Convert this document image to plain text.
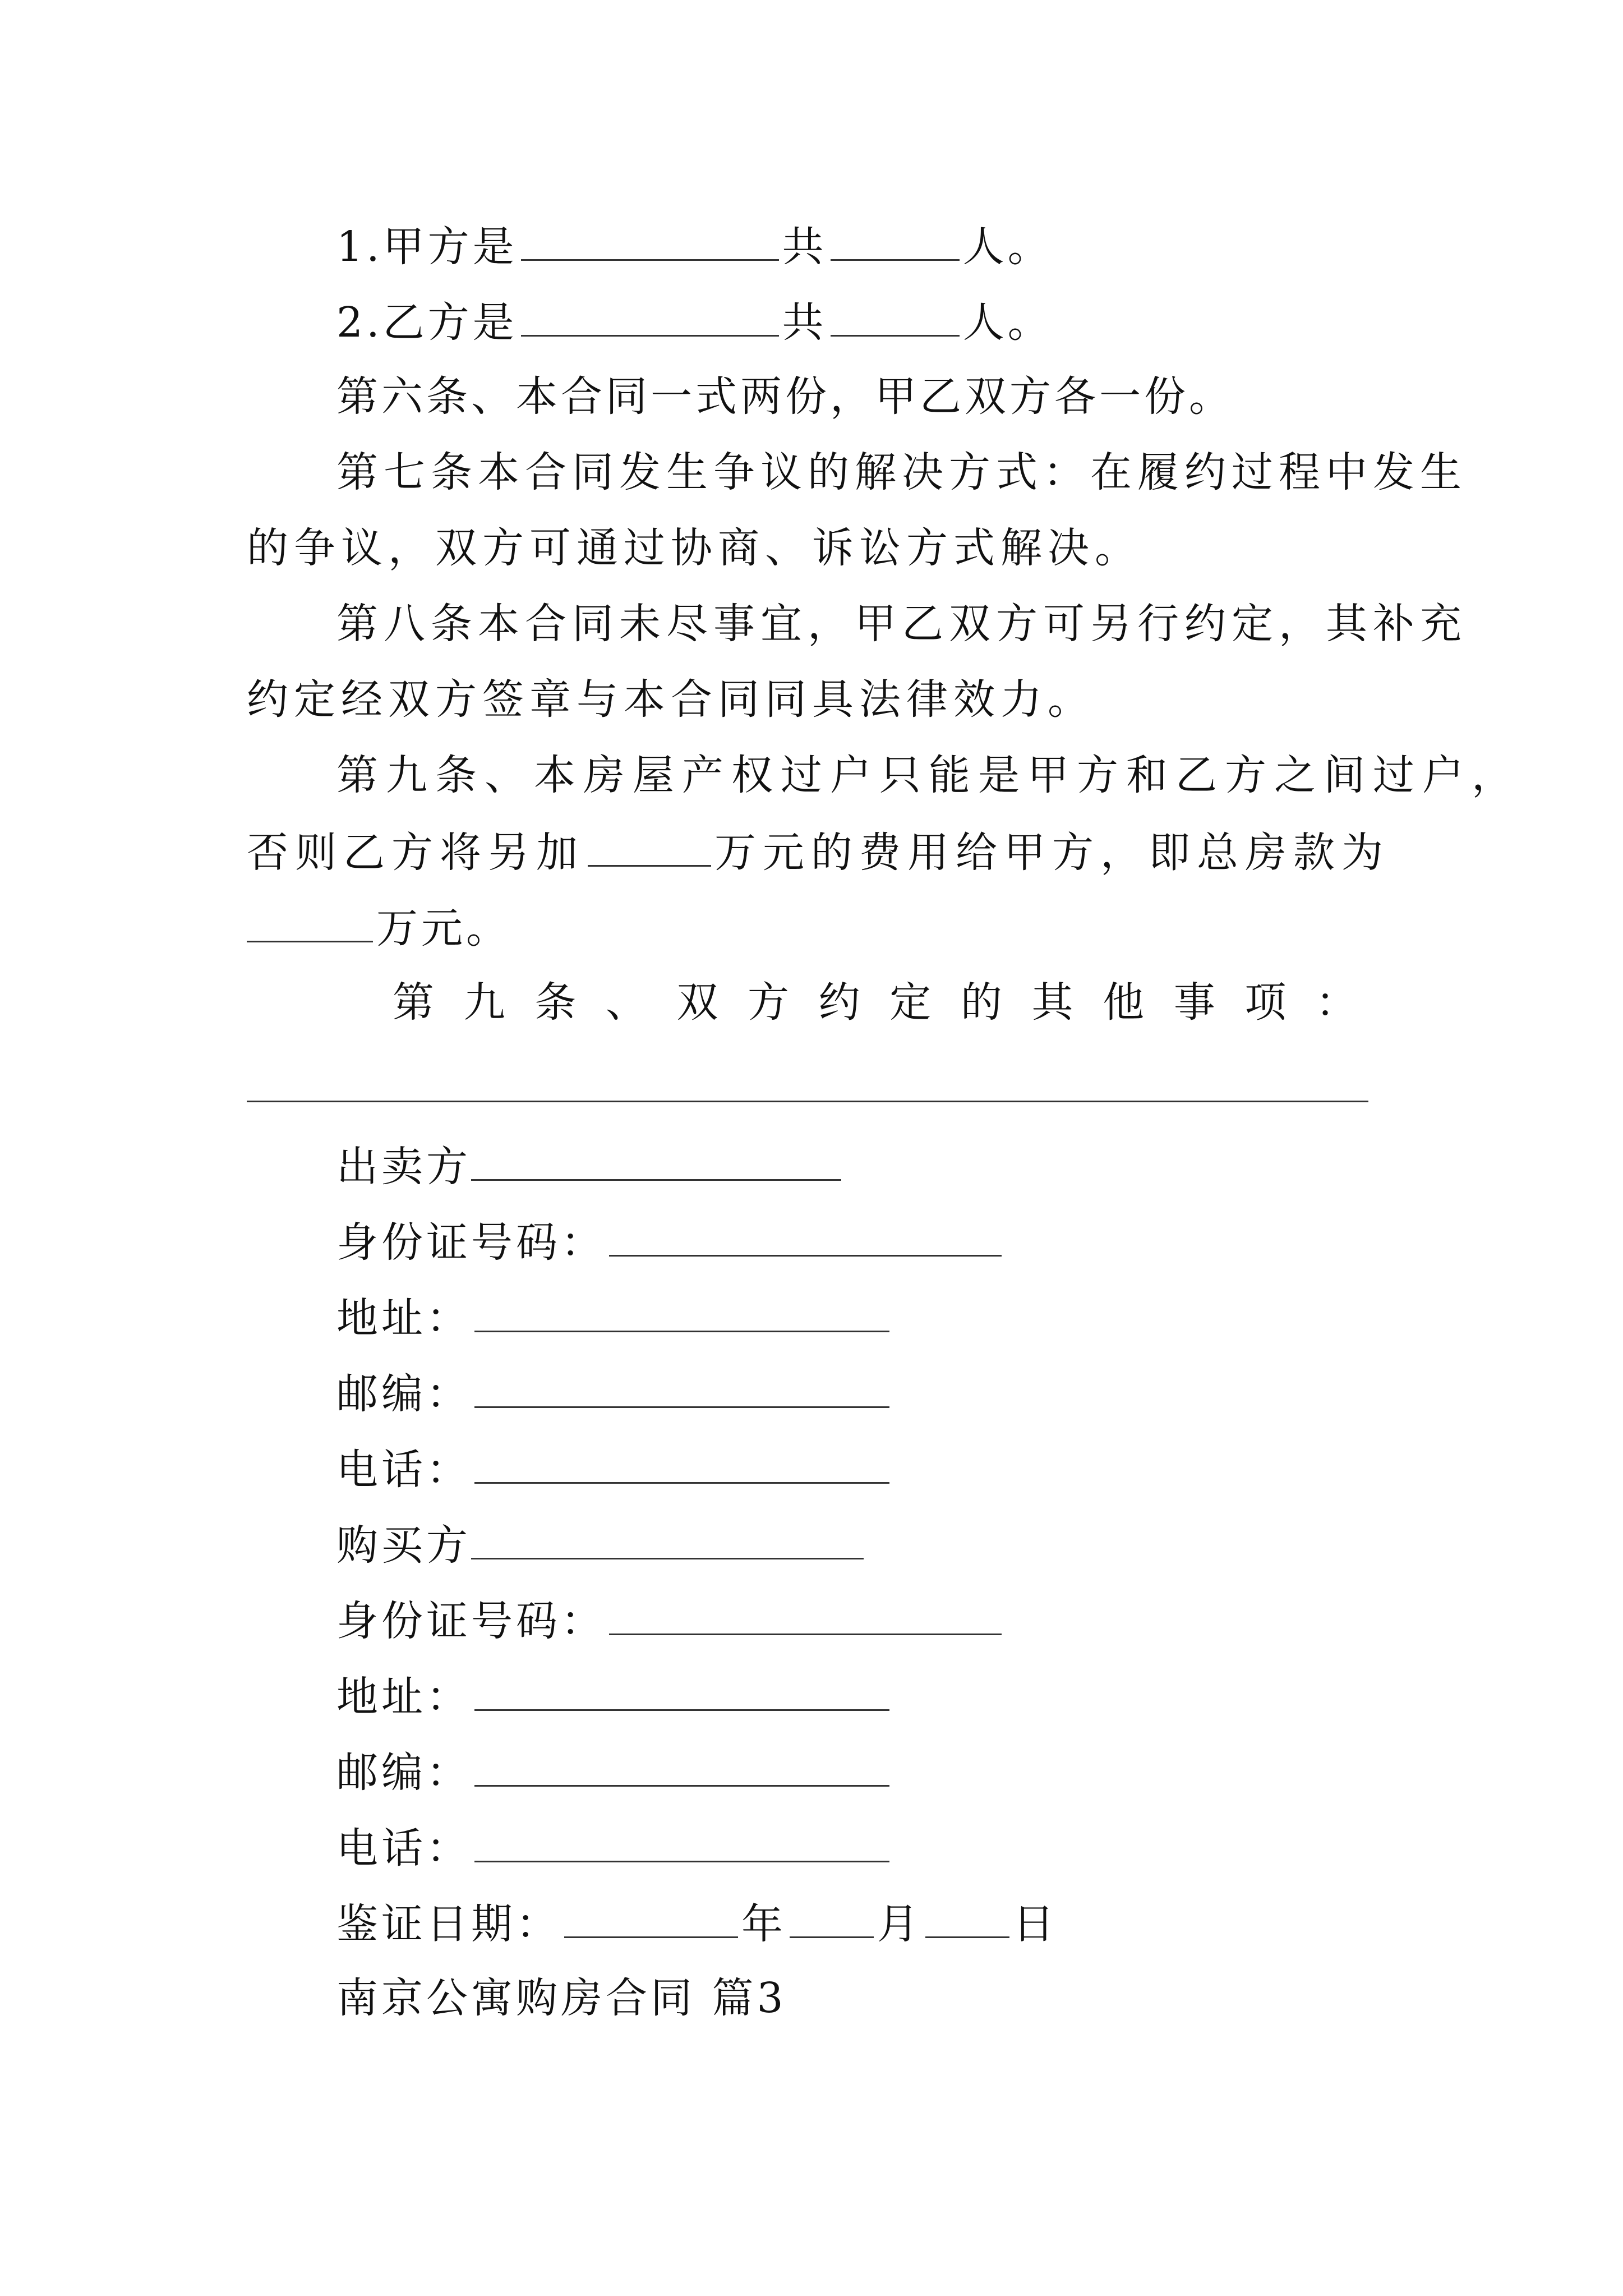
1.甲方是	共	人。
2.乙方是	共	人。
第六条、本合同一式两份，甲乙双方各一份。
第七条本合同发生争议的解决方式：在履约过程中发生
的争议，双方可通过协商、诉讼方式解决。
第八条本合同未尽事宜，甲乙双方可另行约定，其补充
约定经双方签章与本合同同具法律效力。
第九条、本房屋产权过户只能是甲方和乙方之间过户，
否则乙方将另加	万元的费用给甲方，即总房款为
万元。
第 九 条 、 双 方 约 定 的 其 他 事 项 ：
出卖方
身份证号码：
地址：
邮编：
电话：
购买方
身份证号码：
地址：
邮编：
电话：
鉴证日期：	年 月 日
南京公寓购房合同 篇3
